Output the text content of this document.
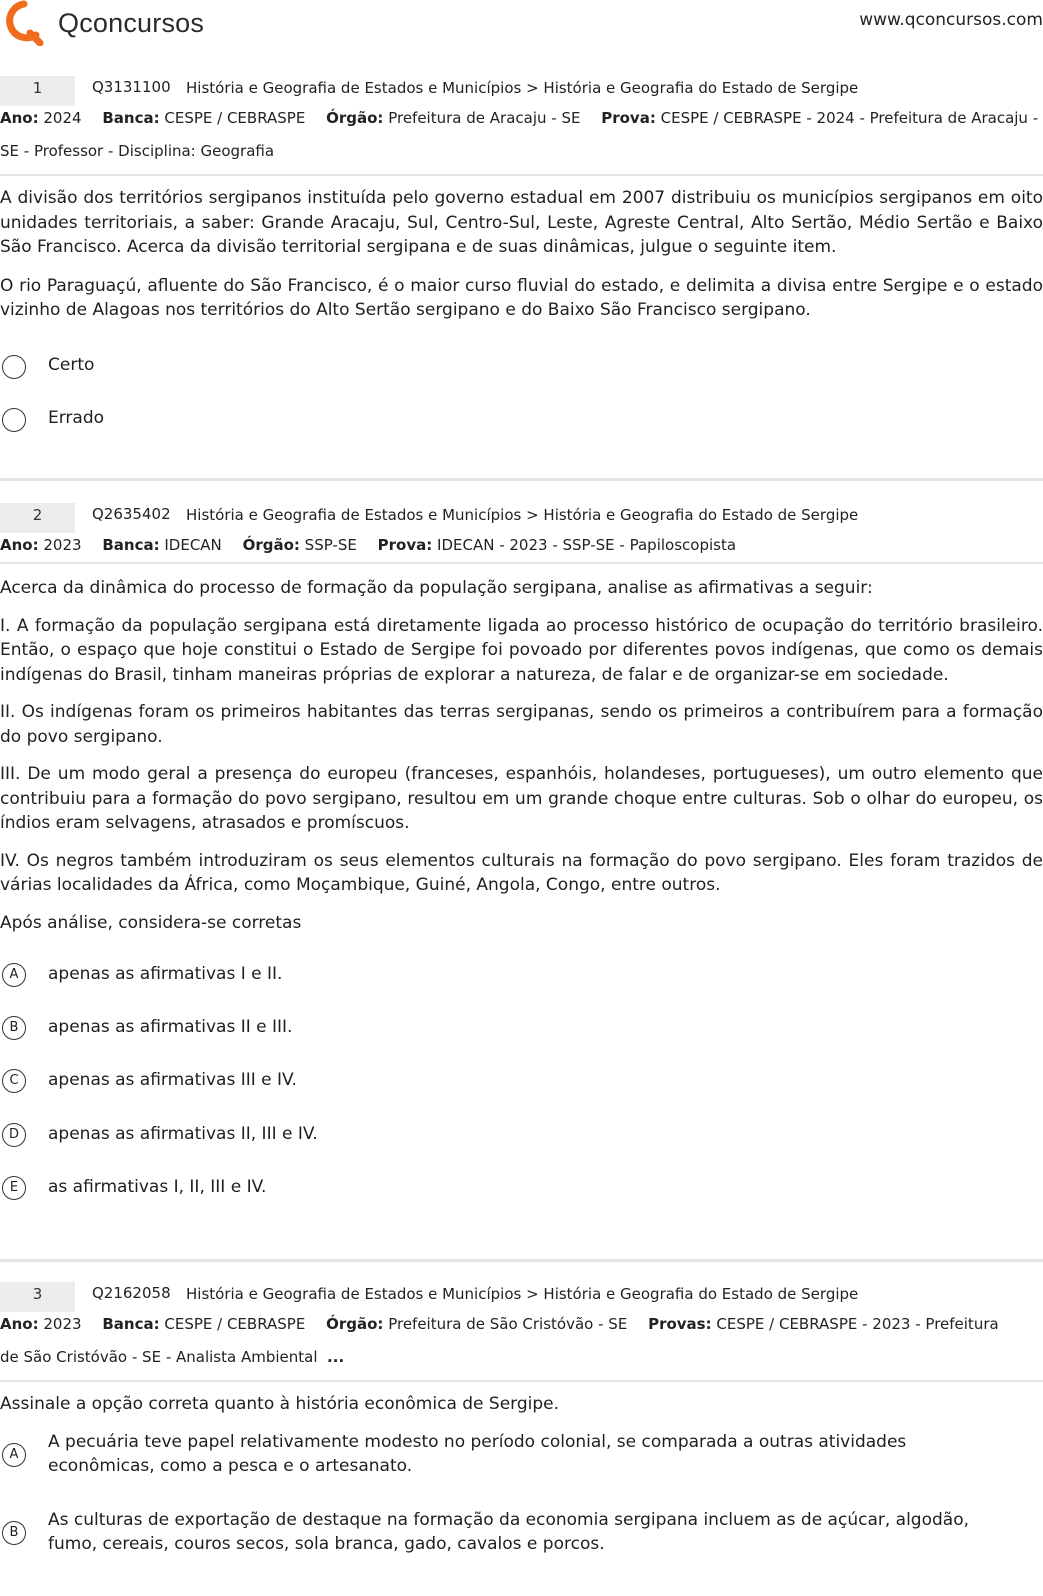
Qconcursos	www.qconcursos.com
1	Q3131100 História e Geografia de Estados e Municípios > História e Geografia do Estado de Sergipe
Ano: 2024 Banca: CESPE / CEBRASPE Órgão: Prefeitura de Aracaju - SE Prova: CESPE / CEBRASPE - 2024 - Prefeitura de Aracaju - SE - Professor - Disciplina: Geografia
A divisão dos territórios sergipanos instituída pelo governo estadual em 2007 distribuiu os municípios sergipanos em oito unidades territoriais, a saber: Grande Aracaju, Sul, Centro-Sul, Leste, Agreste Central, Alto Sertão, Médio Sertão e Baixo São Francisco. Acerca da divisão territorial sergipana e de suas dinâmicas, julgue o seguinte item.
O rio Paraguaçú, afluente do São Francisco, é o maior curso fluvial do estado, e delimita a divisa entre Sergipe e o estado vizinho de Alagoas nos territórios do Alto Sertão sergipano e do Baixo São Francisco sergipano.
Certo
Errado
2	Q2635402 História e Geografia de Estados e Municípios > História e Geografia do Estado de Sergipe
Ano: 2023 Banca: IDECAN Órgão: SSP-SE Prova: IDECAN - 2023 - SSP-SE - Papiloscopista
Acerca da dinâmica do processo de formação da população sergipana, analise as afirmativas a seguir:
I. A formação da população sergipana está diretamente ligada ao processo histórico de ocupação do território brasileiro. Então, o espaço que hoje constitui o Estado de Sergipe foi povoado por diferentes povos indígenas, que como os demais indígenas do Brasil, tinham maneiras próprias de explorar a natureza, de falar e de organizar-se em sociedade.
II. Os indígenas foram os primeiros habitantes das terras sergipanas, sendo os primeiros a contribuírem para a formação do povo sergipano.
III. De um modo geral a presença do europeu (franceses, espanhóis, holandeses, portugueses), um outro elemento que contribuiu para a formação do povo sergipano, resultou em um grande choque entre culturas. Sob o olhar do europeu, os índios eram selvagens, atrasados e promíscuos.
IV. Os negros também introduziram os seus elementos culturais na formação do povo sergipano. Eles foram trazidos de várias localidades da África, como Moçambique, Guiné, Angola, Congo, entre outros.
Após análise, considera-se corretas
A	apenas as afirmativas I e II.
B	apenas as afirmativas II e III.
C	apenas as afirmativas III e IV.
D	apenas as afirmativas II, III e IV.
E	as afirmativas I, II, III e IV.
3	Q2162058 História e Geografia de Estados e Municípios > História e Geografia do Estado de Sergipe
Ano: 2023 Banca: CESPE / CEBRASPE Órgão: Prefeitura de São Cristóvão - SE Provas: CESPE / CEBRASPE - 2023 - Prefeitura de São Cristóvão - SE - Analista Ambiental ...
Assinale a opção correta quanto à história econômica de Sergipe.
A
A pecuária teve papel relativamente modesto no período colonial, se comparada a outras atividades econômicas, como a pesca e o artesanato.
B
As culturas de exportação de destaque na formação da economia sergipana incluem as de açúcar, algodão, fumo, cereais, couros secos, sola branca, gado, cavalos e porcos.
